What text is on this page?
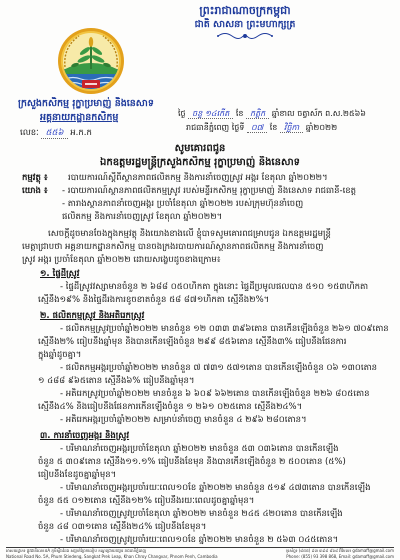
ព្រះរាជាណាចក្រកម្ពុជា
ជាតិ សាសនា ព្រះមហាក្សត្រ
ក្រសួងកសិកម្ម រុក្ខាប្រមាញ់ និងនេសាទ
អគ្គនាយកដ្ឋានកសិកម្ម
លេខៈ ៥៥៦ អ.ក.ក
ថ្ងៃ ចន្ទ ១៤កើត ខែ កត្តិក ឆ្នាំខាល ចត្វាស័ក ព.ស.២៥៦៦
រាជធានីភ្នំពេញ ថ្ងៃទី ០៧ ខែ វិច្ឆិកា ឆ្នាំ២០២២
សូមគោរពជូន
ឯកឧត្តមរដ្ឋមន្ត្រីក្រសួងកសិកម្ម រុក្ខាប្រមាញ់ និងនេសាទ
កម្មវត្ថុ ៖ របាយការណ៍ស្តីពីស្ថានភាពផលិតកម្ម និងការនាំចេញស្រូវ អង្ករ ខែតុលា ឆ្នាំ២០២២។
យោង ៖ - របាយការណ៍ស្ថានភាពផលិតកម្មស្រូវ របស់មន្ទីរកសិកម្ម រុក្ខាប្រមាញ់ និងនេសាទ រាជធានី-ខេត្ត
- តារាងស្ថានភាពនាំចេញអង្ករ ប្រចាំខែតុលា ឆ្នាំ២០២២ របស់ក្រុមហ៊ុននាំចេញ
ផលិតកម្ម និងការនាំចេញស្រូវ ខែតុលា ឆ្នាំ២០២២។
សេចក្តីដូចមានចែងក្នុងកម្មវត្ថុ និងយោងខាងលើ ខ្ញុំបាទសូមគោរពជម្រាបជូន ឯកឧត្តមរដ្ឋមន្ត្រី
មេត្តាជ្រាបថា អគ្គនាយកដ្ឋានកសិកម្ម បានចងក្រងរបាយការណ៍ស្ថានភាពផលិតកម្ម និងការនាំចេញ
ស្រូវ អង្ករ ប្រចាំខែតុលា ឆ្នាំ២០២២ ដោយសង្ខេបដូចខាងក្រោម៖
១. ផ្ទៃដីស្រូវ
- ផ្ទៃដីស្រូវវស្សាមានចំនួន ២ ៦៨៨ ០៥០ហិកតា ក្នុងនោះ ផ្ទៃដីប្រមូលផលបាន ៥១០ ១៥៣ហិកតា
ស្មើនឹង១៩% និងផ្ទៃដីរងការខូចខាតចំនួន ៥៨ ៨៧១ហិកតា ស្មើនឹង២%។
២. ផលិតកម្មស្រូវ និងអតិរេកស្រូវ
- ផលិតកម្មស្រូវប្រចាំឆ្នាំ២០២២ មានចំនួន ១២ ០៣៣ ៣៩៦តោន បានកើនឡើងចំនួន ២៦១ ៧០៩តោន
ស្មើនឹង២% ធៀបនឹងឆ្នាំមុន និងបានកើនឡើងចំនួន ២៩៩ ៨៥៦តោន ស្មើនឹង៣% ធៀបនឹងផែនការ
ក្នុងឆ្នាំដូចគ្នា។
- ផលិតកម្មអង្ករប្រចាំឆ្នាំ២០២២ មានចំនួន ៧ ៧៣១ ៥៧១តោន បានកើនឡើងចំនួន ០៦ ១៣០តោន
១ ៤៨៨ ៩៦៥តោន ស្មើនឹង៦% ធៀបនឹងឆ្នាំមុន។
- អតិរេកស្រូវប្រចាំឆ្នាំ២០២២ មានចំនួន ៦ ៦០៩ ៦៦២តោន បានកើនឡើងចំនួន ២២៦ ៨០៥តោន
ស្មើនឹង៤% និងធៀបនឹងផែនការកើនឡើងចំនួន ១ ២៦១ ០២៥តោន ស្មើនឹង២៤%។
- អតិរេកអង្ករប្រចាំឆ្នាំ២០២២ សម្រាប់នាំចេញ មានចំនួន ៤ ២៩៦ ២៨០តោន។
៣. ការនាំចេញអង្ករ និងស្រូវ
- បរិមាណនាំចេញអង្ករប្រចាំខែតុលា ឆ្នាំ២០២២ មានចំនួន ៥៣ ០៣៦តោន បានកើនឡើង
ចំនួន ៥ ៣០៩តោន ស្មើនឹង១១.១% ធៀបនឹងខែមុន និងបានកើនឡើងចំនួន ២ ៥០០តោន (៥%)
ធៀបនឹងខែដូចគ្នាឆ្នាំមុន។
- បរិមាណនាំចេញអង្ករប្រចាំរយៈពេល១០ខែ ឆ្នាំ២០២២ មានចំនួន ៥១៩ ៤៧៣តោន បានកើនឡើង
ចំនួន ៥៥ ០១២តោន ស្មើនឹង១២% ធៀបនឹងរយៈពេលដូចគ្នាឆ្នាំមុន។
- បរិមាណនាំចេញស្រូវប្រចាំខែតុលា ឆ្នាំ២០២២ មានចំនួន ២៤៥ ៤២០តោន បានកើនឡើង
ចំនួន ៤៨ ០៣១តោន ស្មើនឹង២៤% ធៀបនឹងខែមុន។
- បរិមាណនាំចេញស្រូវប្រចាំរយៈពេល១០ខែ ឆ្នាំ២០២២ មានចំនួន ២ ៥៦៣ ០៤៥តោន។
អាសយដ្ឋាន៖ ផ្លូវជាតិលេខ៥A ភូមិស្ទឹងដែង សង្កាត់ព្រែកលៀប ខណ្ឌជ្រោយចង្វារ រាជធានីភ្នំពេញ	ទូរស័ព្ទ៖ (៨៥៥) ៩៣ ៣៩៨ ៨៦៨ អ៊ីមែល៖ gdamaff@gmail.com
National Road No. 5A, Phum Stiedeng, Sangkat Prek Leap, Khan Chroy Changvar, Phnom Penh, Cambodia	Phone: (855) 93 398 868, Email: gdamaff@gmail.com
